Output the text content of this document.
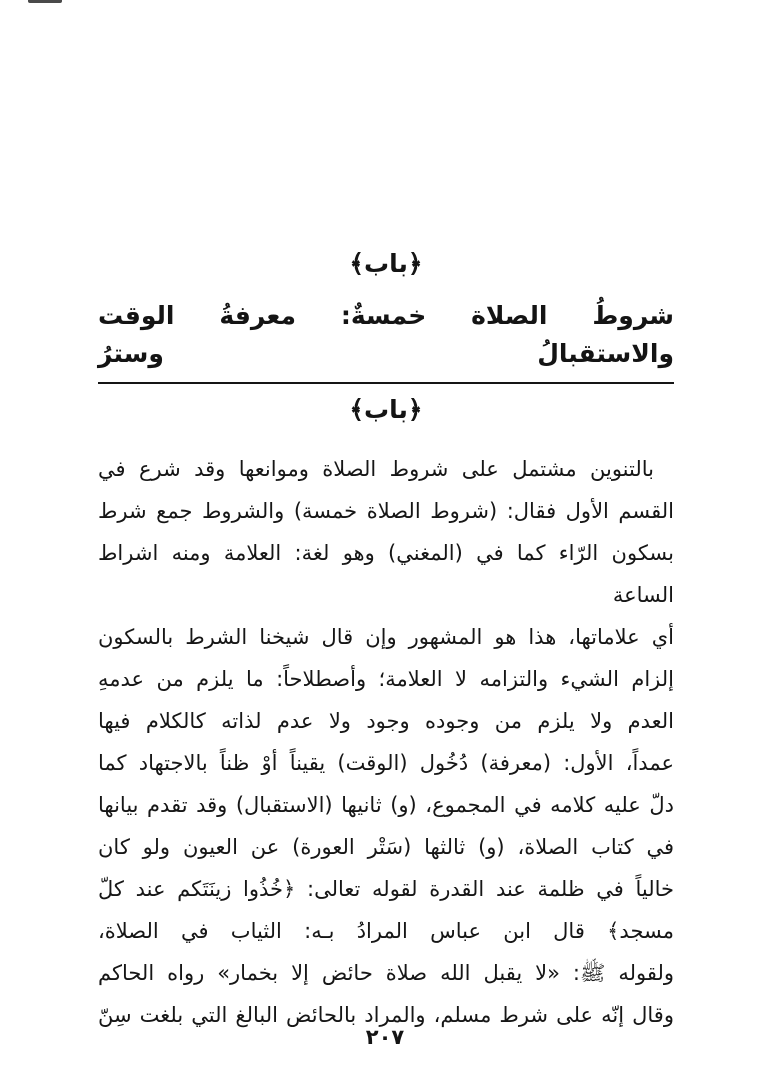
﴿باب﴾
شروطُ الصلاة خمسةٌ: معرفةُ الوقت والاستقبالُ وسترُ
﴿باب﴾

بالتنوين مشتمل على شروط الصلاة وموانعها وقد شرع في

القسم الأول فقال: (شروط الصلاة خمسة) والشروط جمع شرط

بسكون الرّاء كما في (المغني) وهو لغة: العلامة ومنه اشراط الساعة

أي علاماتها، هذا هو المشهور وإن قال شيخنا الشرط بالسكون

إلزام الشيء والتزامه لا العلامة؛ وأصطلاحاً: ما يلزم من عدمهِ

العدم ولا يلزم من وجوده وجود ولا عدم لذاته كالكلام فيها

عمداً، الأول: (معرفة) دُخُول (الوقت) يقيناً أوْ ظناً بالاجتهاد كما

دلّ عليه كلامه في المجموع، (و) ثانيها (الاستقبال) وقد تقدم بيانها

في كتاب الصلاة، (و) ثالثها (سَتْر العورة) عن العيون ولو كان

خالياً في ظلمة عند القدرة لقوله تعالى: ﴿خُذُوا زينَتَكم عند كلّ

مسجد﴾ قال ابن عباس المرادُ بـه: الثياب في الصلاة،

ولقوله ﷺ: «لا يقبل الله صلاة حائض إلا بخمار» رواه الحاكم

وقال إنّه على شرط مسلم، والمراد بالحائض البالغ التي بلغت سِنّ

٢٠٧
